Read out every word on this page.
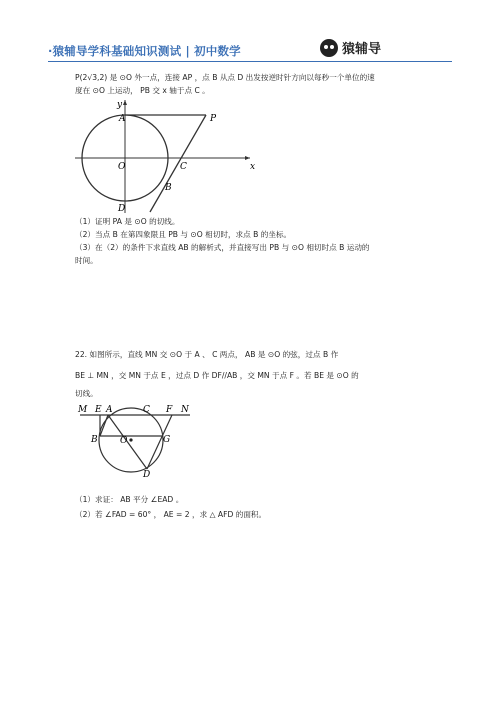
·猿辅导学科基础知识测试 | 初中数学	猿辅导
P(2√3,2) 是 ⊙O 外一点，连接 AP ，点 B 从点 D 出发按逆时针方向以每秒一个单位的速
度在 ⊙O 上运动， PB 交 x 轴于点 C 。
y
x
A	P
O	C
B
D
（1）证明 PA 是 ⊙O 的切线。
（2）当点 B 在第四象限且 PB 与 ⊙O 相切时，求点 B 的坐标。
（3）在（2）的条件下求直线 AB 的解析式，并直接写出 PB 与 ⊙O 相切时点 B 运动的
时间。
22. 如图所示，直线 MN 交 ⊙O 于 A 、 C 两点， AB 是 ⊙O 的弦，过点 B 作
BE ⊥ MN ，交 MN 于点 E ，过点 D 作 DF//AB ，交 MN 于点 F 。若 BE 是 ⊙O 的
切线。
M E A	C F N
B O	G
D
（1）求证： AB 平分 ∠EAD 。
（2）若 ∠FAD = 60° ， AE = 2 ，求 △ AFD 的面积。
